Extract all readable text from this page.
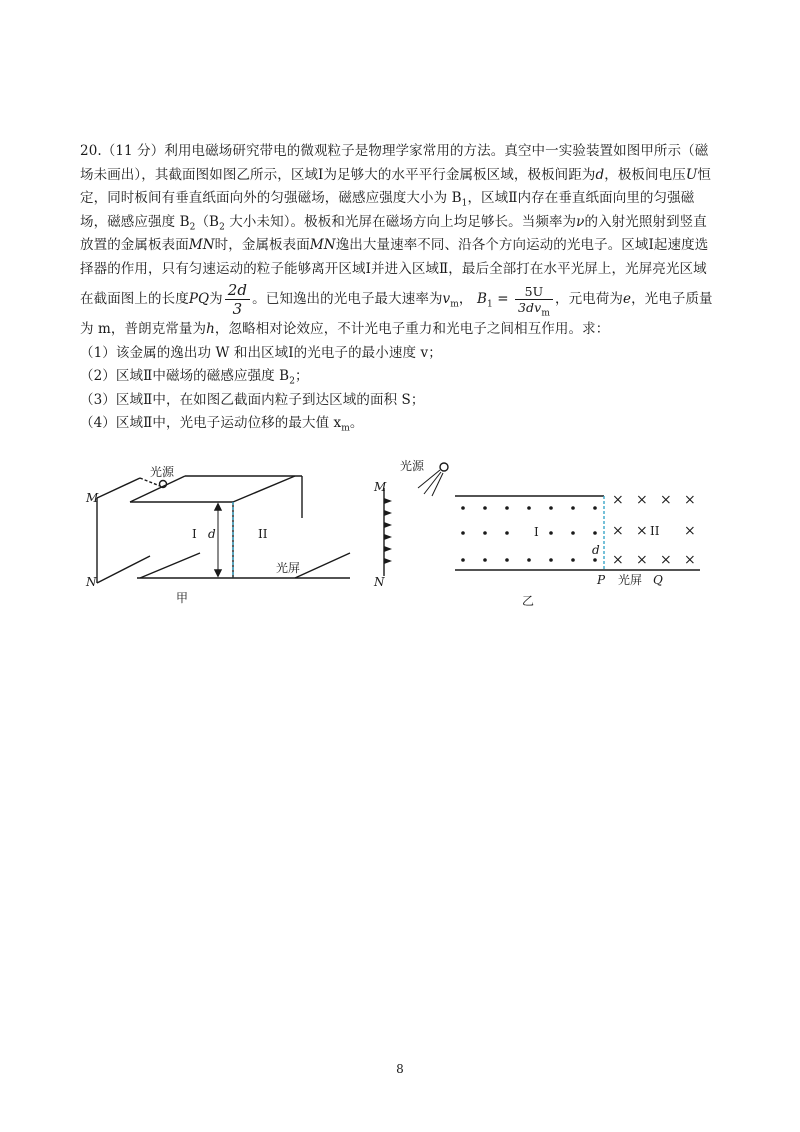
20.（11 分）利用电磁场研究带电的微观粒子是物理学家常用的方法。真空中一实验装置如图甲所示（磁场未画出），其截面图如图乙所示，区域Ⅰ为足够大的水平平行金属板区域，极板间距为d，极板间电压U恒定，同时板间有垂直纸面向外的匀强磁场，磁感应强度大小为 $B_1$，区域Ⅱ内存在垂直纸面向里的匀强磁场，磁感应强度 $B_2(B_2$ 大小未知）。极板和光屏在磁场方向上均足够长。当频率为ν的入射光照射到竖直放置的金属板表面MN时，金属板表面MN逸出大量速率不同、沿各个方向运动的光电子。区域Ⅰ起速度选择器的作用，只有匀速运动的粒子能够离开区域Ⅰ并进入区域Ⅱ，最后全部打在水平光屏上，光屏亮光区域在截面图上的长度PQ为 $\frac{2d}{3}$ 。已知逸出的光电子最大速率为$v_m$， $B_1 = \frac{5U}{3dv_m}$ ，元电荷为e，光电子质量为 m，普朗克常量为h，忽略相对论效应，不计光电子重力和光电子之间相互作用。求：

（1）该金属的逸出功 W 和出区域Ⅰ的光电子的最小速度 v；

（2）区域Ⅱ中磁场的磁感应强度 $B_2$；

（3）区域Ⅱ中，在如图乙截面内粒子到达区域的面积 S；

（4）区域Ⅱ中，光电子运动位移的最大值 $x_m$。

M
N
光源
I d	II
光屏
甲
× × × ×
× ×	×
× × × ×
光源
M
N
I	II
d
P 光屏 Q
乙
8
